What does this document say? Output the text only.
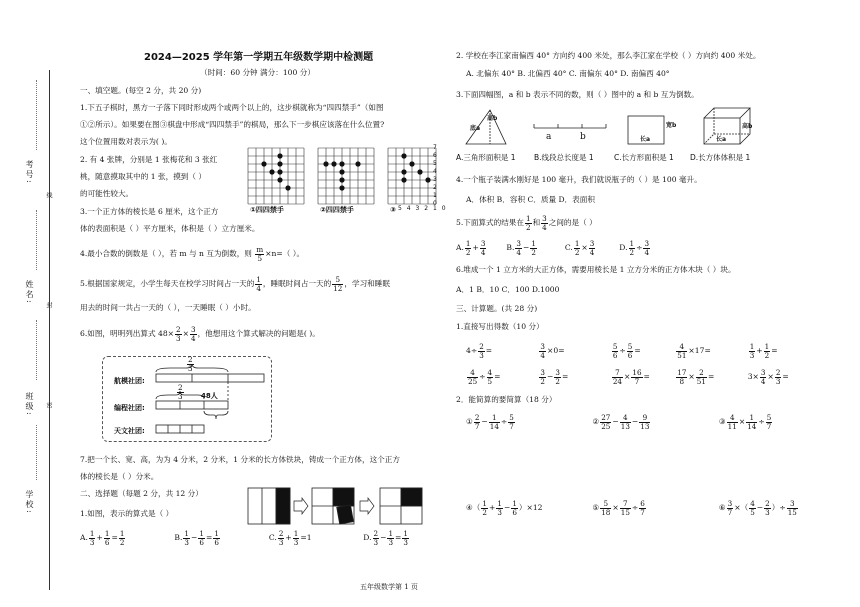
考号:
姓名:
班级:
学校:
线
封
密
2024—2025 学年第一学期五年级数学期中检测题
（时间：60 分钟 满分：100 分）
一、填空题。(每空 2 分，共 20 分)
1.下五子棋时，黑方一子落下同时形成两个或两个以上的，这步棋就称为“四四禁手”（如图
①②所示）。如果要在图③棋盘中形成“四四禁手”的棋局，那么下一步棋应该落在什么位置?
这个位置用数对表示为( )。
2. 有 4 张牌，分别是 1 张梅花和 3 张红
桃，随意摸取其中的 1 张，摸到（ ）
的可能性较大。
①四四禁手	②四四禁手	③
7
6
5
4
3
2
1
0
5 4 3 2 1 0
3.一个正方体的棱长是 6 厘米，这个正方
体的表面积是（ ）平方厘米，体积是（ ）立方厘米。
4.最小合数的倒数是（ ），若 m 与 n 互为倒数，则 $\frac{m}{5} \times n=$（ ）。
5.根据国家规定，小学生每天在校学习时间占一天的 $\frac{1}{4}$ ，睡眠时间占一天的 $\frac{5}{12}$ ，学习和睡眠
用去的时间一共占一天的（ ），一天睡眠（ ）小时。
6.如图，明明列出算式 $48\times \frac{2}{3} \times \frac{3}{4}$ ，他想用这个算式解决的问题是( )。
航模社团:
编程社团:
天文社团:
$\frac{2}{3}$
$\frac{2}{3} 48$人
7.把一个长、宽、高，为为 4 分米，2 分米，1 分米的长方体铁块，铸成一个正方体，这个正方
体的棱长是（ ）分米。
二、选择题（每题 2 分，共 12 分）
1.如图，表示的算式是（ ）
A. $\frac{1}{3} + \frac{1}{6} = \frac{1}{2}$	B. $\frac{1}{3} - \frac{1}{6} = \frac{1}{6}$	C. $\frac{2}{3} + \frac{1}{3} =1$	D. $\frac{2}{3} - \frac{1}{3} = \frac{1}{3}$
五年级数学第 1 页
2. 学校在李江家南偏西 40° 方向约 400 米处，那么李江家在学校（ ）方向约 400 米处。
A. 北偏东 40° B. 北偏西 40° C. 南偏东 40° D. 南偏西 40°
3.下面四幅图，a 和 b 表示不同的数，则（ ）图中的 a 和 b 互为倒数。
高b
底a
a	b
宽b
长a
高b
长a
A.三角形面积是 1 B.线段总长度是 1	C.长方形面积是 1 D.长方体体积是 1
4.一个瓶子装满水刚好是 100 毫升，我们就说瓶子的（ ）是 100 毫升。
A．体积 B．容积 C．质量 D．表面积
5.下面算式的结果在 $\frac{1}{2}$ 和 $\frac{3}{4}$ 之间的是（ ）
A. $\frac{1}{2} + \frac{3}{4}$	B. $\frac{3}{4} - \frac{1}{2}$	C. $\frac{1}{2} \times \frac{3}{4}$	D. $\frac{1}{2} \div \frac{3}{4}$
6.堆成一个 1 立方米的大正方体，需要用棱长是 1 立方分米的正方体木块（ ）块。
A．1 B．10 C．100 D.1000
三、计算题。(共 28 分)
1.直接写出得数（10 分）
$4\div \frac{2}{3}$ =	$\frac{3}{4} \times 0=$	$\frac{5}{6} \div \frac{5}{6}$ =	$\frac{4}{51} \times 17=$	$\frac{1}{3} + \frac{1}{2}$ =
$\frac{4}{25} \div \frac{4}{5}$ =	$\frac{3}{2} - \frac{3}{2}$ =	$\frac{7}{24} \times \frac{16}{7}$ =	$\frac{17}{8} \times \frac{2}{51}$ =	$3\times \frac{3}{4} \times \frac{2}{3}$ =
2．能简算的要简算（18 分）
① $\frac{2}{7} - \frac{1}{14} \div \frac{5}{7}$	② $\frac{27}{25} - \frac{4}{13} - \frac{9}{13}$	③ $\frac{4}{11} \times \frac{1}{14} \div \frac{5}{7}$
④（ $\frac{1}{2} + \frac{1}{3} - \frac{1}{6} )\times 12$	⑤ $\frac{5}{18} \times \frac{7}{15} \div \frac{6}{7}$	⑥ $\frac{3}{7}$ ×（ $\frac{4}{5} - \frac{2}{3}$ ）÷ $\frac{3}{15}$
